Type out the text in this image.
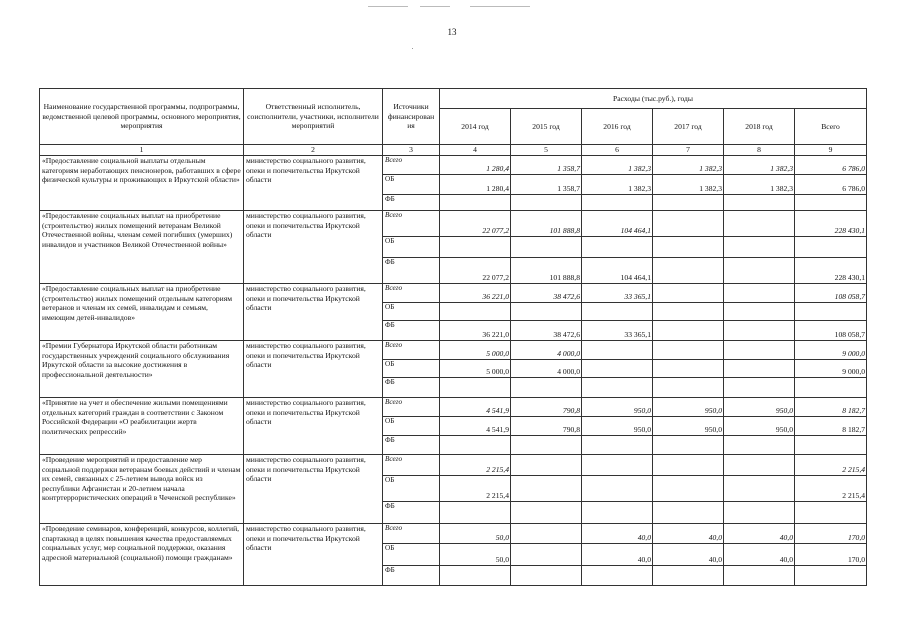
13
Наименование государственной программы, подпрограммы, ведомственной целевой программы, основного мероприятия, мероприятия	Ответственный исполнитель, соисполнители, участники, исполнители мероприятий	Источники финансирован ия	Расходы (тыс.руб.), годы					
			2014 год	2015 год	2016 год	2017 год	2018 год	Всего
1	2	3	4	5	6	7	8	9
«Предоставление социальной выплаты отдельным категориям неработающих пенсионеров, работавших в сфере физической культуры и проживающих в Иркутской области»	министерство социального развития, опеки и попечительства Иркутской области	Всего	1 280,4	1 358,7	1 382,3	1 382,3	1 382,3	6 786,0
		ОБ	1 280,4	1 358,7	1 382,3	1 382,3	1 382,3	6 786,0
		ФБ						
«Предоставление социальных выплат на приобретение (строительство) жилых помещений ветеранам Великой Отечественной войны, членам семей погибших (умерших) инвалидов и участников Великой Отечественной войны»	министерство социального развития, опеки и попечительства Иркутской области	Всего	22 077,2	101 888,8	104 464,1			228 430,1
		ОБ						
		ФБ	22 077,2	101 888,8	104 464,1			228 430,1
«Предоставление социальных выплат на приобретение (строительство) жилых помещений отдельным категориям ветеранов и членам их семей, инвалидам и семьям, имеющим детей-инвалидов»	министерство социального развития, опеки и попечительства Иркутской области	Всего	36 221,0	38 472,6	33 365,1			108 058,7
		ОБ						
		ФБ	36 221,0	38 472,6	33 365,1			108 058,7
«Премии Губернатора Иркутской области работникам государственных учреждений социального обслуживания Иркутской области за высокие достижения в профессиональной деятельности»	министерство социального развития, опеки и попечительства Иркутской области	Всего	5 000,0	4 000,0				9 000,0
		ОБ	5 000,0	4 000,0				9 000,0
		ФБ						
«Принятие на учет и обеспечение жилыми помещениями отдельных категорий граждан в соответствии с Законом Российской Федерации «О реабилитации жертв политических репрессий»	министерство социального развития, опеки и попечительства Иркутской области	Всего	4 541,9	790,8	950,0	950,0	950,0	8 182,7
		ОБ	4 541,9	790,8	950,0	950,0	950,0	8 182,7
		ФБ						
«Проведение мероприятий и предоставление мер социальной поддержки ветеранам боевых действий и членам их семей, связанных с 25-летием вывода войск из республики Афганистан и 20-летием начала контртеррористических операций в Чеченской республике»	министерство социального развития, опеки и попечительства Иркутской области	Всего	2 215,4					2 215,4
		ОБ	2 215,4					2 215,4
		ФБ						
«Проведение семинаров, конференций, конкурсов, коллегий, спартакиад в целях повышения качества предоставляемых социальных услуг, мер социальной поддержки, оказания адресной материальной (социальной) помощи гражданам»	министерство социального развития, опеки и попечительства Иркутской области	Всего	50,0		40,0	40,0	40,0	170,0
		ОБ	50,0		40,0	40,0	40,0	170,0
		ФБ						
